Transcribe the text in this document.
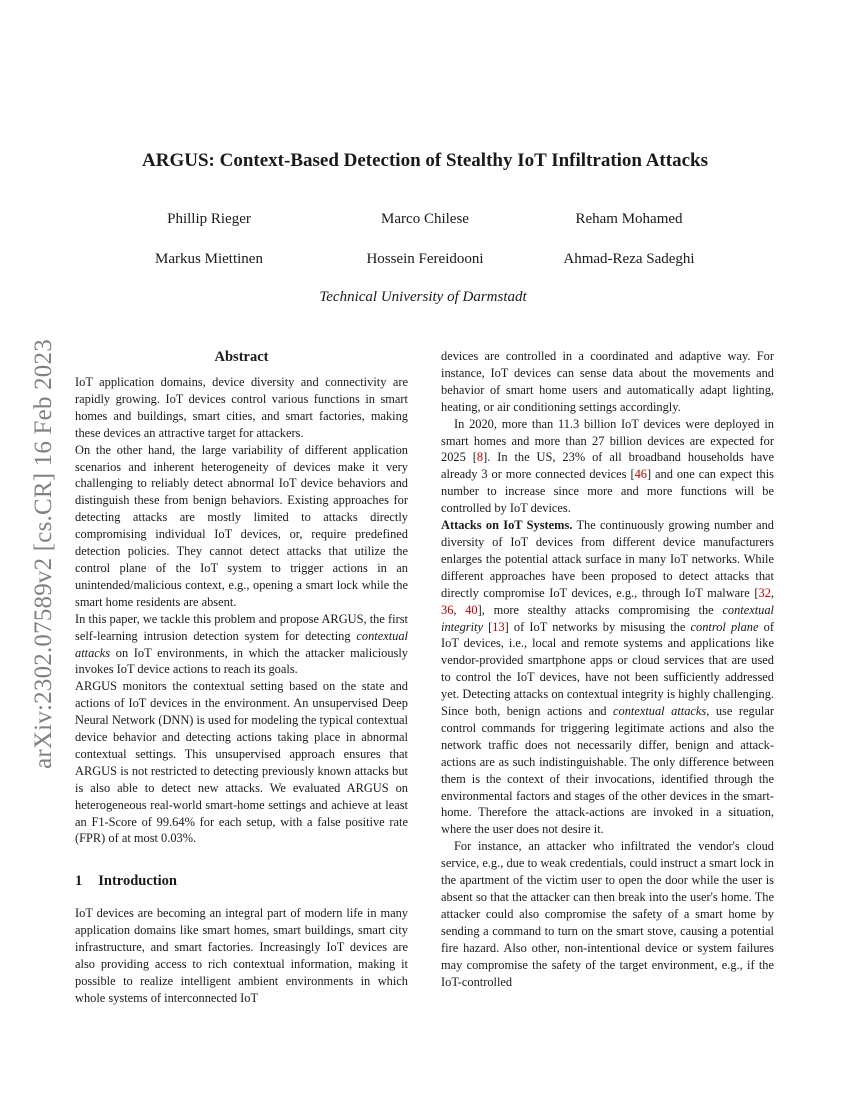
arXiv:2302.07589v2 [cs.CR] 16 Feb 2023
ARGUS: Context-Based Detection of Stealthy IoT Infiltration Attacks
Phillip Rieger	Marco Chilese	Reham Mohamed
Markus Miettinen	Hossein Fereidooni	Ahmad-Reza Sadeghi
Technical University of Darmstadt
Abstract

IoT application domains, device diversity and connectivity are rapidly growing. IoT devices control various functions in smart homes and buildings, smart cities, and smart factories, making these devices an attractive target for attackers.

On the other hand, the large variability of different application scenarios and inherent heterogeneity of devices make it very challenging to reliably detect abnormal IoT device behaviors and distinguish these from benign behaviors. Existing approaches for detecting attacks are mostly limited to attacks directly compromising individual IoT devices, or, require predefined detection policies. They cannot detect attacks that utilize the control plane of the IoT system to trigger actions in an unintended/malicious context, e.g., opening a smart lock while the smart home residents are absent.

In this paper, we tackle this problem and propose ARGUS, the first self-learning intrusion detection system for detecting contextual attacks on IoT environments, in which the attacker maliciously invokes IoT device actions to reach its goals.

ARGUS monitors the contextual setting based on the state and actions of IoT devices in the environment. An unsupervised Deep Neural Network (DNN) is used for modeling the typical contextual device behavior and detecting actions taking place in abnormal contextual settings. This unsupervised approach ensures that ARGUS is not restricted to detecting previously known attacks but is also able to detect new attacks. We evaluated ARGUS on heterogeneous real-world smart-home settings and achieve at least an F1-Score of 99.64% for each setup, with a false positive rate (FPR) of at most 0.03%.

1 Introduction

IoT devices are becoming an integral part of modern life in many application domains like smart homes, smart buildings, smart city infrastructure, and smart factories. Increasingly IoT devices are also providing access to rich contextual information, making it possible to realize intelligent ambient environments in which whole systems of interconnected IoT

devices are controlled in a coordinated and adaptive way. For instance, IoT devices can sense data about the movements and behavior of smart home users and automatically adapt lighting, heating, or air conditioning settings accordingly.

In 2020, more than 11.3 billion IoT devices were deployed in smart homes and more than 27 billion devices are expected for 2025 [8]. In the US, 23% of all broadband households have already 3 or more connected devices [46] and one can expect this number to increase since more and more functions will be controlled by IoT devices.

Attacks on IoT Systems. The continuously growing number and diversity of IoT devices from different device manufacturers enlarges the potential attack surface in many IoT networks. While different approaches have been proposed to detect attacks that directly compromise IoT devices, e.g., through IoT malware [32, 36, 40], more stealthy attacks compromising the contextual integrity [13] of IoT networks by misusing the control plane of IoT devices, i.e., local and remote systems and applications like vendor-provided smartphone apps or cloud services that are used to control the IoT devices, have not been sufficiently addressed yet. Detecting attacks on contextual integrity is highly challenging. Since both, benign actions and contextual attacks, use regular control commands for triggering legitimate actions and also the network traffic does not necessarily differ, benign and attack-actions are as such indistinguishable. The only difference between them is the context of their invocations, identified through the environmental factors and stages of the other devices in the smart-home. Therefore the attack-actions are invoked in a situation, where the user does not desire it.

For instance, an attacker who infiltrated the vendor's cloud service, e.g., due to weak credentials, could instruct a smart lock in the apartment of the victim user to open the door while the user is absent so that the attacker can then break into the user's home. The attacker could also compromise the safety of a smart home by sending a command to turn on the smart stove, causing a potential fire hazard. Also other, non-intentional device or system failures may compromise the safety of the target environment, e.g., if the IoT-controlled
